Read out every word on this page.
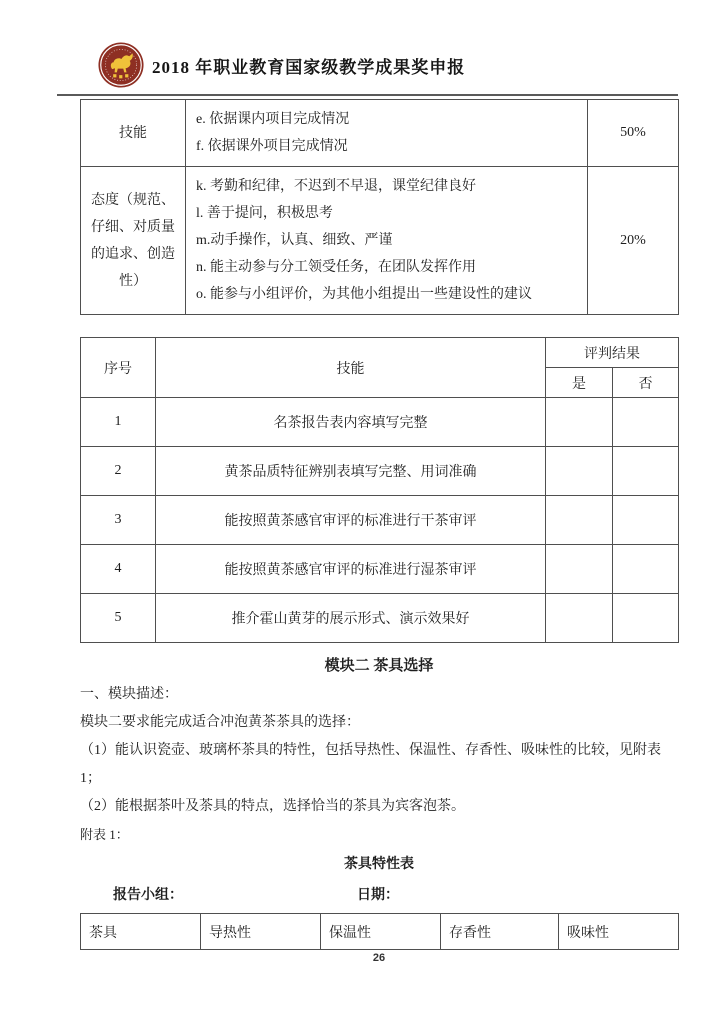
2018 年职业教育国家级教学成果奖申报
技能	e. 依据课内项目完成情况
f. 依据课外项目完成情况	50%
态度（规范、仔细、对质量的追求、创造性）	k. 考勤和纪律，不迟到不早退，课堂纪律良好
l. 善于提问，积极思考
m.动手操作，认真、细致、严谨
n. 能主动参与分工领受任务，在团队发挥作用
o. 能参与小组评价，为其他小组提出一些建设性的建议	20%
序号	技能	评判结果	
		是	否
1	名茶报告表内容填写完整		
2	黄茶品质特征辨别表填写完整、用词准确		
3	能按照黄茶感官审评的标准进行干茶审评		
4	能按照黄茶感官审评的标准进行湿茶审评		
5	推介霍山黄芽的展示形式、演示效果好		
模块二 茶具选择
一、模块描述：
模块二要求能完成适合冲泡黄茶茶具的选择：
（1）能认识瓷壶、玻璃杯茶具的特性，包括导热性、保温性、存香性、吸味性的比较，见附表 1；
（2）能根据茶叶及茶具的特点，选择恰当的茶具为宾客泡茶。
附表 1：
茶具特性表
报告小组：	日期：
茶具	导热性	保温性	存香性	吸味性
26
